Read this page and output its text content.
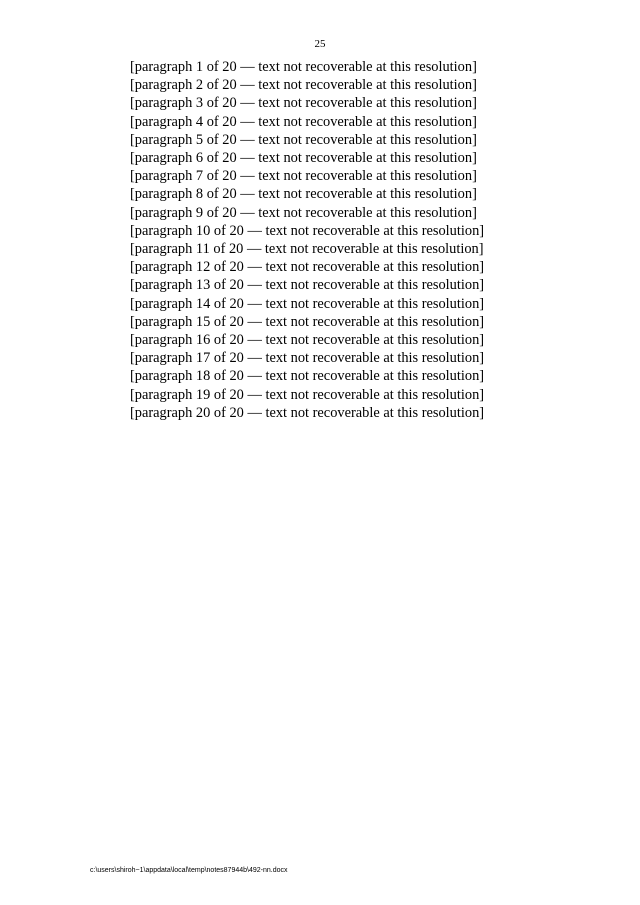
25

[paragraph 1 of 20 — text not recoverable at this resolution]

[paragraph 2 of 20 — text not recoverable at this resolution]

[paragraph 3 of 20 — text not recoverable at this resolution]

[paragraph 4 of 20 — text not recoverable at this resolution]

[paragraph 5 of 20 — text not recoverable at this resolution]

[paragraph 6 of 20 — text not recoverable at this resolution]

[paragraph 7 of 20 — text not recoverable at this resolution]

[paragraph 8 of 20 — text not recoverable at this resolution]

[paragraph 9 of 20 — text not recoverable at this resolution]

[paragraph 10 of 20 — text not recoverable at this resolution]

[paragraph 11 of 20 — text not recoverable at this resolution]

[paragraph 12 of 20 — text not recoverable at this resolution]

[paragraph 13 of 20 — text not recoverable at this resolution]

[paragraph 14 of 20 — text not recoverable at this resolution]

[paragraph 15 of 20 — text not recoverable at this resolution]

[paragraph 16 of 20 — text not recoverable at this resolution]

[paragraph 17 of 20 — text not recoverable at this resolution]

[paragraph 18 of 20 — text not recoverable at this resolution]

[paragraph 19 of 20 — text not recoverable at this resolution]

[paragraph 20 of 20 — text not recoverable at this resolution]

c:\users\shiroh~1\appdata\local\temp\notes87944b\492-nn.docx
